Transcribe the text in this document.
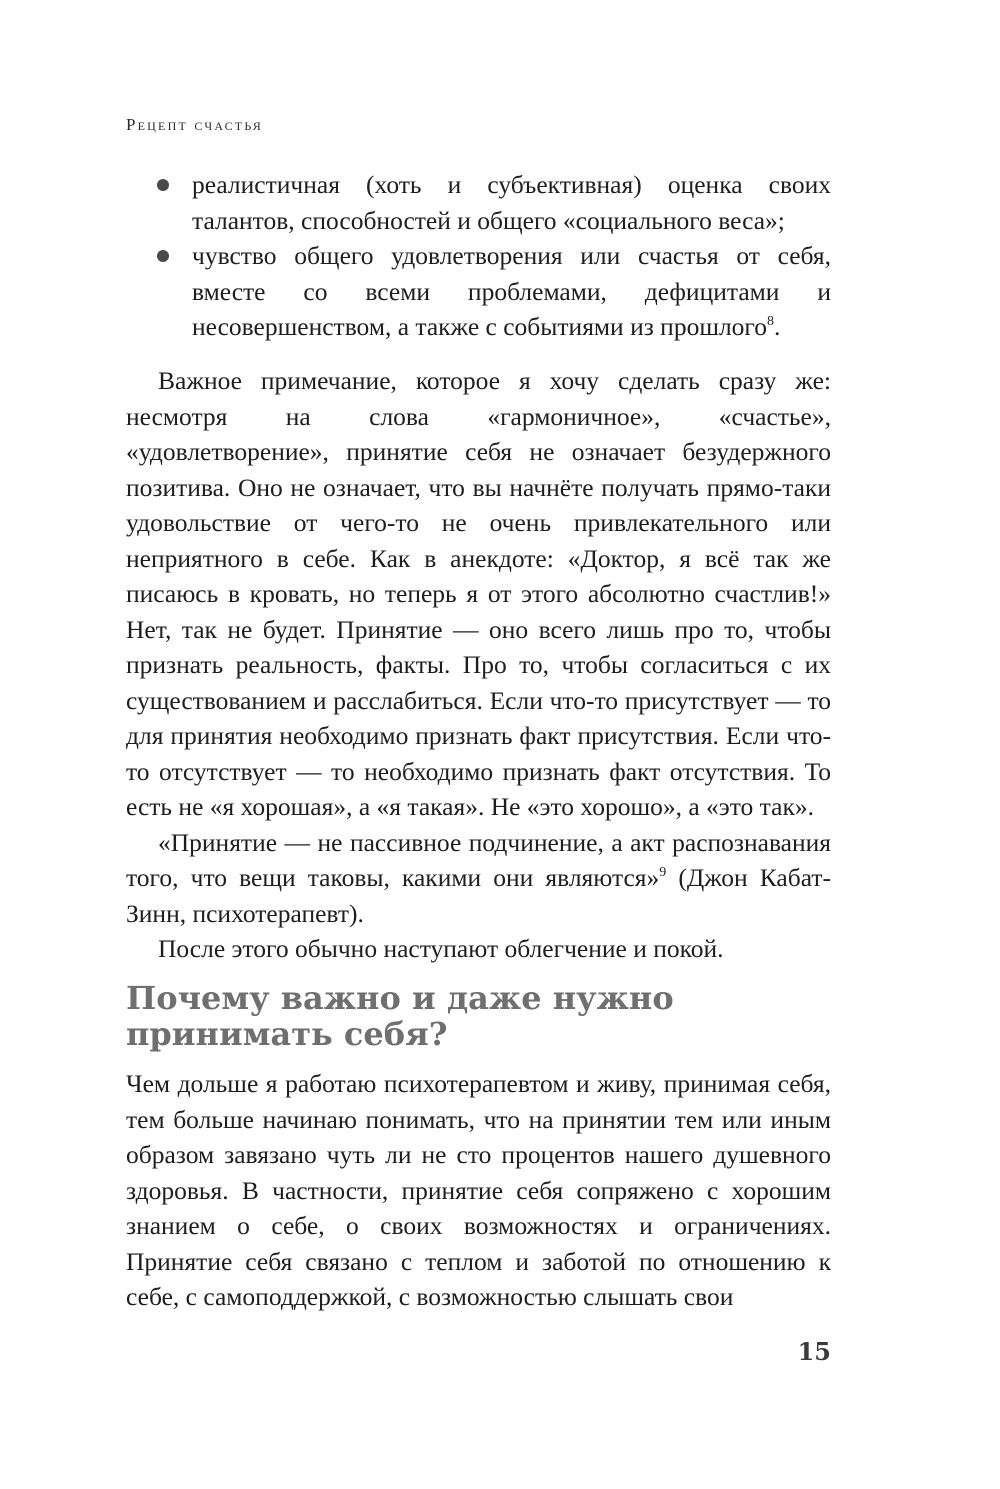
Рецепт счастья
реалистичная (хоть и субъективная) оценка своих талантов, способностей и общего «социального веса»;
чувство общего удовлетворения или счастья от себя, вместе со всеми проблемами, дефицитами и несовершенством, а также с событиями из прошлого$^8$.

Важное примечание, которое я хочу сделать сразу же: несмотря на слова «гармоничное», «счастье», «удовлетворение», принятие себя не означает безудержного позитива. Оно не означает, что вы начнёте получать прямо-таки удовольствие от чего-то не очень привлекательного или неприятного в себе. Как в анекдоте: «Доктор, я всё так же писаюсь в кровать, но теперь я от этого абсолютно счастлив!» Нет, так не будет. Принятие — оно всего лишь про то, чтобы признать реальность, факты. Про то, чтобы согласиться с их существованием и расслабиться. Если что-то присутствует — то для принятия необходимо признать факт присутствия. Если что-то отсутствует — то необходимо признать факт отсутствия. То есть не «я хорошая», а «я такая». Не «это хорошо», а «это так».

«Принятие — не пассивное подчинение, а акт распознавания того, что вещи таковы, какими они являются»$^9$ (Джон Кабат-Зинн, психотерапевт).

После этого обычно наступают облегчение и покой.

Почему важно и даже нужно принимать себя?

Чем дольше я работаю психотерапевтом и живу, принимая себя, тем больше начинаю понимать, что на принятии тем или иным образом завязано чуть ли не сто процентов нашего душевного здоровья. В частности, принятие себя сопряжено с хорошим знанием о себе, о своих возможностях и ограничениях. Принятие себя связано с теплом и заботой по отношению к себе, с самоподдержкой, с возможностью слышать свои

15
